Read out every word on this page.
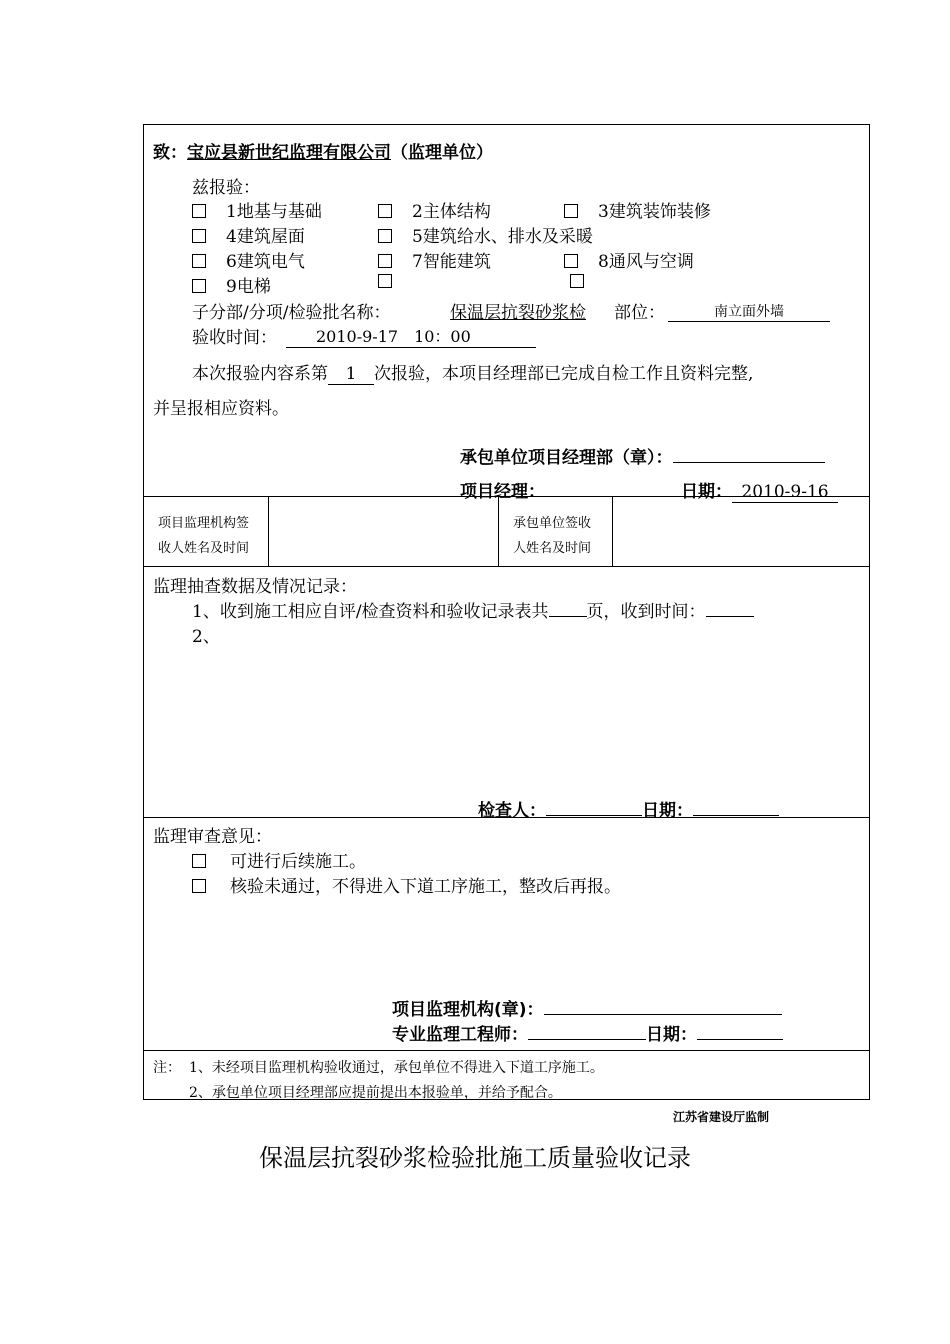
致：宝应县新世纪监理有限公司（监理单位）
兹报验：
1地基与基础	2主体结构	3建筑装饰装修
4建筑屋面	5建筑给水、排水及采暖
6建筑电气	7智能建筑	8通风与空调
9电梯
子分部/分项/检验批名称：	保温层抗裂砂浆检 部位：	南立面外墙
验收时间：	2010-9-17　10：00
本次报验内容系第 1 次报验，本项目经理部已完成自检工作且资料完整,
并呈报相应资料。
承包单位项目经理部（章）：
项目经理：	日期： 2010-9-16
项目监理机构签
收人姓名及时间
承包单位签收
人姓名及时间
监理抽查数据及情况记录：
1、收到施工相应自评/检查资料和验收记录表共 页，收到时间：
2、
检查人：	日期：
监理审查意见：
可进行后续施工。
核验未通过，不得进入下道工序施工，整改后再报。
项目监理机构(章)：
专业监理工程师：	日期：
注： 1、未经项目监理机构验收通过，承包单位不得进入下道工序施工。
2、承包单位项目经理部应提前提出本报验单，并给予配合。
江苏省建设厅监制
保温层抗裂砂浆检验批施工质量验收记录
